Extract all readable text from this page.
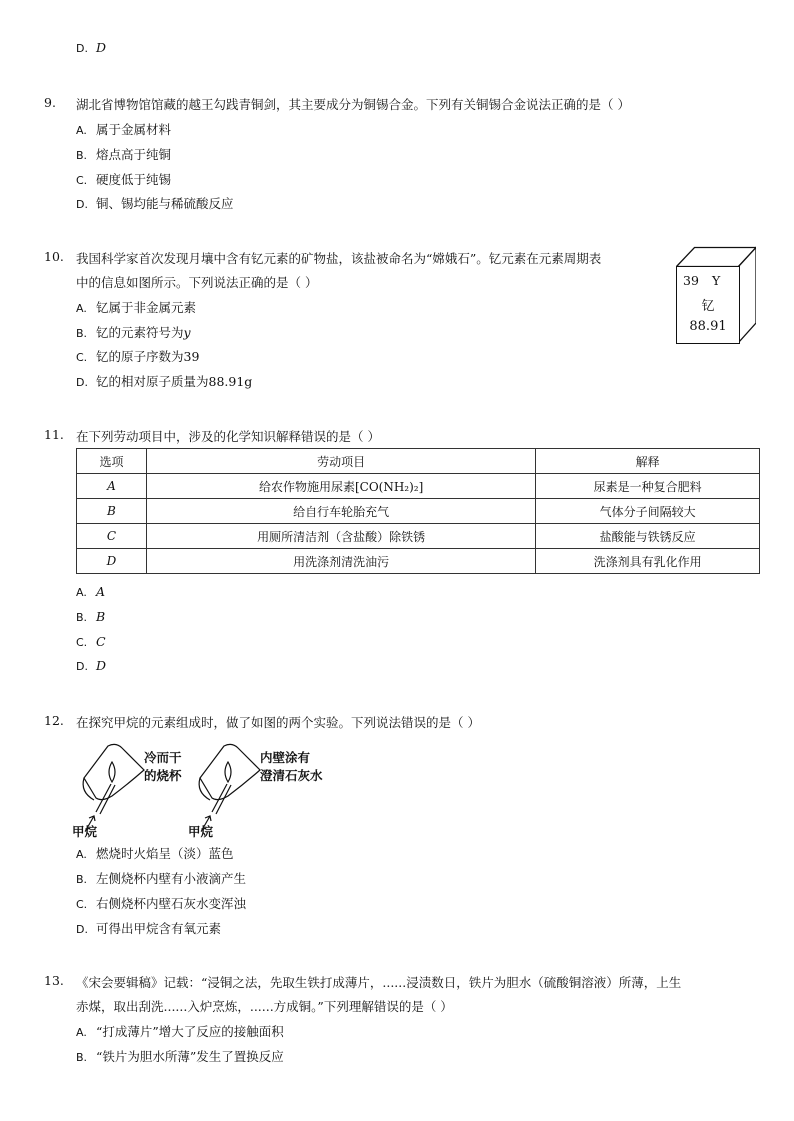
D. D
9. 湖北省博物馆馆藏的越王勾践青铜剑，其主要成分为铜锡合金。下列有关铜锡合金说法正确的是（ ）
A. 属于金属材料
B. 熔点高于纯铜
C. 硬度低于纯锡
D. 铜、锡均能与稀硫酸反应
10. 我国科学家首次发现月壤中含有钇元素的矿物盐，该盐被命名为“嫦娥石”。钇元素在元素周期表
中的信息如图所示。下列说法正确的是（ ）
A. 钇属于非金属元素
B. 钇的元素符号为y
C. 钇的原子序数为39
D. 钇的相对原子质量为88.91g
39 Y
钇
88.91
11. 在下列劳动项目中，涉及的化学知识解释错误的是（ ）
选项	劳动项目	解释
A	给农作物施用尿素[CO(NH₂)₂]	尿素是一种复合肥料
B	给自行车轮胎充气	气体分子间隔较大
C	用厕所清洁剂（含盐酸）除铁锈	盐酸能与铁锈反应
D	用洗涤剂清洗油污	洗涤剂具有乳化作用
A. A
B. B
C. C
D. D
12. 在探究甲烷的元素组成时，做了如图的两个实验。下列说法错误的是（ ）
冷而干
的烧杯
内壁涂有
澄清石灰水
甲烷	甲烷
A. 燃烧时火焰呈（淡）蓝色
B. 左侧烧杯内壁有小液滴产生
C. 右侧烧杯内壁石灰水变浑浊
D. 可得出甲烷含有氧元素
13. 《宋会要辑稿》记载：“浸铜之法，先取生铁打成薄片，......浸渍数日，铁片为胆水（硫酸铜溶液）所薄，上生
赤煤，取出刮洗......入炉烹炼，......方成铜。”下列理解错误的是（ ）
A. “打成薄片”增大了反应的接触面积
B. “铁片为胆水所薄”发生了置换反应
